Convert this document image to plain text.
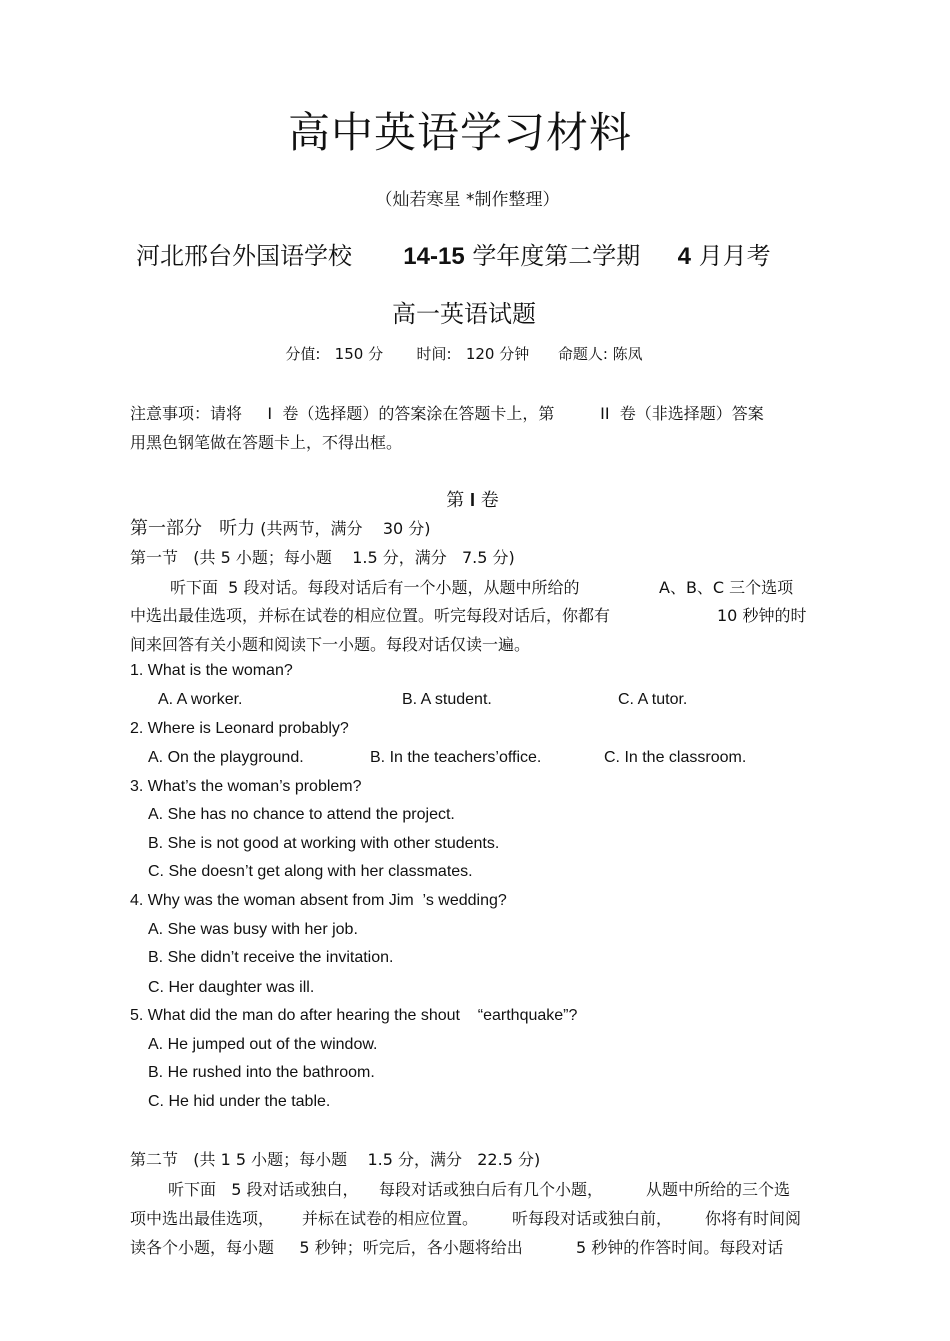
高中英语学习材料
（灿若寒星 *制作整理）
河北邢台外国语学校 14-15 学年度第二学期 4 月月考
高一英语试题
分值:   150 分       时间:   120 分钟      命题人: 陈凤
注意事项：请将     I  卷（选择题）的答案涂在答题卡上，第         II  卷（非选择题）答案
用黑色钢笔做在答题卡上，不得出框。
第 I 卷
第一部分   听力 (共两节，满分    30 分)
第一节   (共 5 小题；每小题    1.5 分，满分   7.5 分)
听下面  5 段对话。每段对话后有一个小题，从题中所给的	A、B、C 三个选项
中选出最佳选项，并标在试卷的相应位置。听完每段对话后，你都有	10 秒钟的时
间来回答有关小题和阅读下一小题。每段对话仅读一遍。
1. What is the woman?
A. A worker.	B. A student.	C. A tutor.
2. Where is Leonard probably?
A. On the playground.	B. In the teachers’office.	C. In the classroom.
3. What’s the woman’s problem?
A. She has no chance to attend the project.
B. She is not good at working with other students.
C. She doesn’t get along with her classmates.
4. Why was the woman absent from Jim  ’s wedding?
A. She was busy with her job.
B. She didn’t receive the invitation.
C. Her daughter was ill.
5. What did the man do after hearing the shout    “earthquake”?
A. He jumped out of the window.
B. He rushed into the bathroom.
C. He hid under the table.
第二节   (共 1 5 小题；每小题    1.5 分，满分   22.5 分)
听下面   5 段对话或独白， 每段对话或独白后有几个小题，	从题中所给的三个选
项中选出最佳选项， 并标在试卷的相应位置。 听每段对话或独白前， 你将有时间阅
读各个小题，每小题     5 秒钟；听完后，各小题将给出	5 秒钟的作答时间。每段对话
